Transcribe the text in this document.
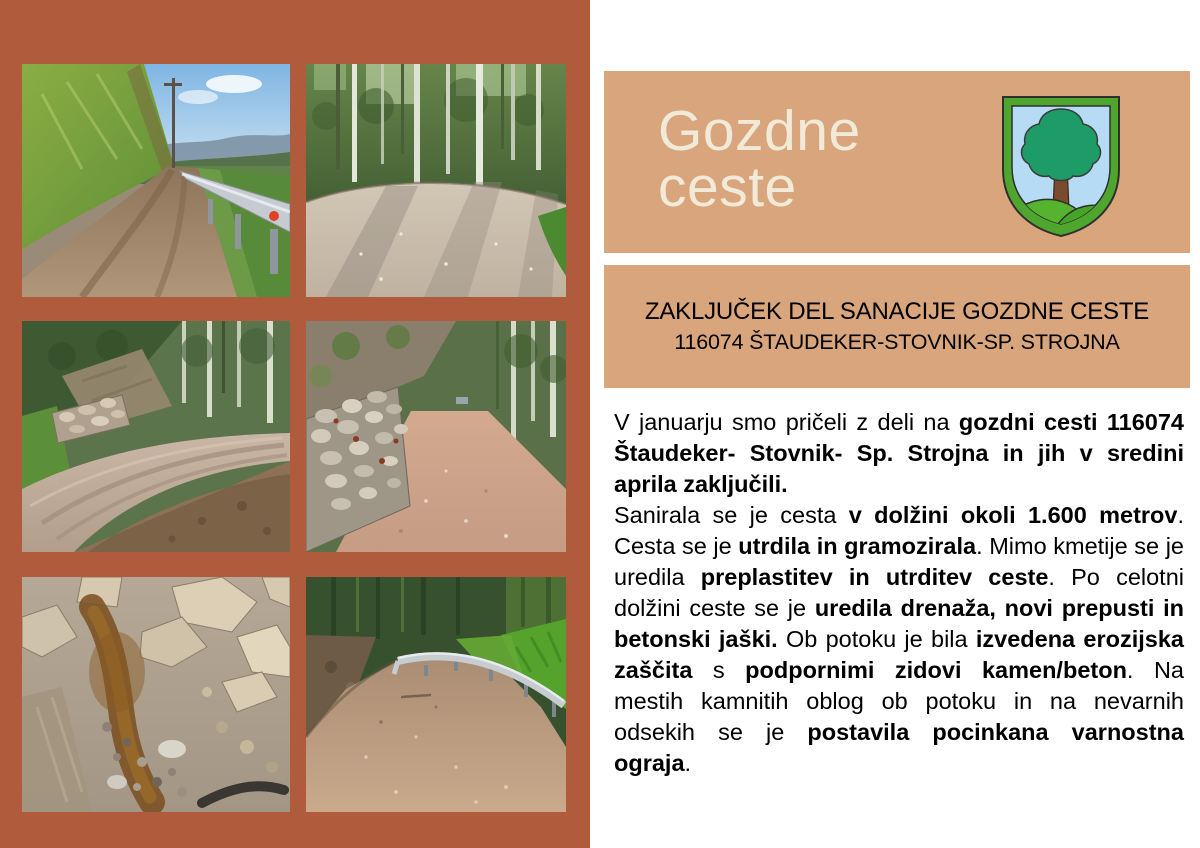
Gozdne
ceste
ZAKLJUČEK DEL SANACIJE GOZDNE CESTE
116074 ŠTAUDEKER-STOVNIK-SP. STROJNA

V januarju smo pričeli z deli na gozdni cesti 116074 Štaudeker- Stovnik- Sp. Strojna in jih v sredini aprila zaključili.

Sanirala se je cesta v dolžini okoli 1.600 metrov. Cesta se je utrdila in gramozirala. Mimo kmetije se je uredila preplastitev in utrditev ceste. Po celotni dolžini ceste se je uredila drenaža, novi prepusti in betonski jaški. Ob potoku je bila izvedena erozijska zaščita s podpornimi zidovi kamen/beton. Na mestih kamnitih oblog ob potoku in na nevarnih odsekih se je postavila pocinkana varnostna ograja.
